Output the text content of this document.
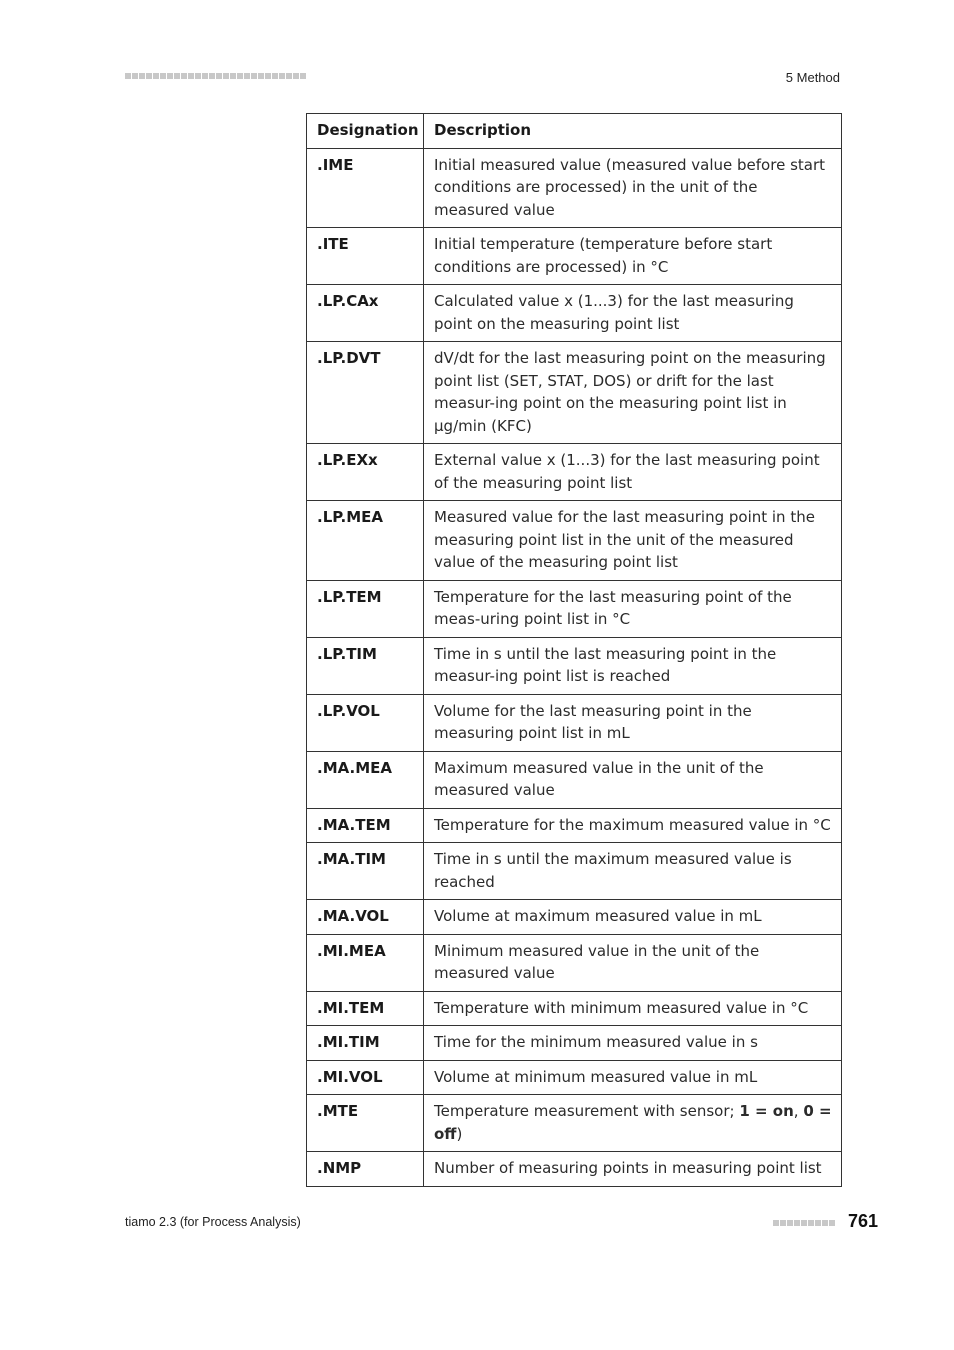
5 Method
Designation	Description
.IME	Initial measured value (measured value before start conditions are processed) in the unit of the measured value
.ITE	Initial temperature (temperature before start conditions are processed) in °C
.LP.CAx	Calculated value x (1...3) for the last measuring point on the measuring point list
.LP.DVT	dV/dt for the last measuring point on the measuring point list (SET, STAT, DOS) or drift for the last measur-ing point on the measuring point list in µg/min (KFC)
.LP.EXx	External value x (1...3) for the last measuring point of the measuring point list
.LP.MEA	Measured value for the last measuring point in the measuring point list in the unit of the measured value of the measuring point list
.LP.TEM	Temperature for the last measuring point of the meas-uring point list in °C
.LP.TIM	Time in s until the last measuring point in the measur-ing point list is reached
.LP.VOL	Volume for the last measuring point in the measuring point list in mL
.MA.MEA	Maximum measured value in the unit of the measured value
.MA.TEM	Temperature for the maximum measured value in °C
.MA.TIM	Time in s until the maximum measured value is reached
.MA.VOL	Volume at maximum measured value in mL
.MI.MEA	Minimum measured value in the unit of the measured value
.MI.TEM	Temperature with minimum measured value in °C
.MI.TIM	Time for the minimum measured value in s
.MI.VOL	Volume at minimum measured value in mL
.MTE	Temperature measurement with sensor; 1 = on, 0 = off)
.NMP	Number of measuring points in measuring point list
tiamo 2.3 (for Process Analysis)	761
